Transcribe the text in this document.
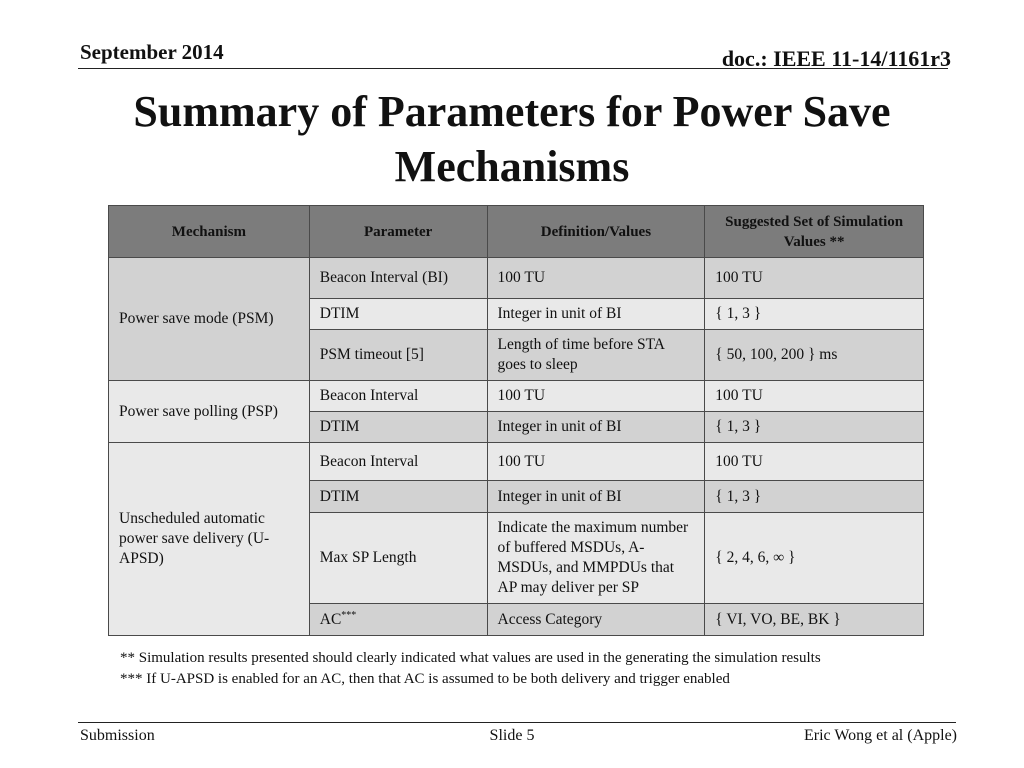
September 2014	doc.: IEEE 11-14/1161r3
Summary of Parameters for Power Save Mechanisms
Mechanism	Parameter	Definition/Values	Suggested Set of Simulation Values **
Power save mode (PSM)	Beacon Interval (BI)	100 TU	100 TU
	DTIM	Integer in unit of BI	{ 1, 3 }
	PSM timeout [5]	Length of time before STA goes to sleep	{ 50, 100, 200 } ms
Power save polling (PSP)	Beacon Interval	100 TU	100 TU
	DTIM	Integer in unit of BI	{ 1, 3 }
Unscheduled automatic power save delivery (U-APSD)	Beacon Interval	100 TU	100 TU
	DTIM	Integer in unit of BI	{ 1, 3 }
	Max SP Length	Indicate the maximum number of buffered MSDUs, A-MSDUs, and MMPDUs that AP may deliver per SP	{ 2, 4, 6, ∞ }
	AC***	Access Category	{ VI, VO, BE, BK }
** Simulation results presented should clearly indicated what values are used in the generating the simulation results
*** If U-APSD is enabled for an AC, then that AC is assumed to be both delivery and trigger enabled
Submission	Slide 5	Eric Wong et al (Apple)
